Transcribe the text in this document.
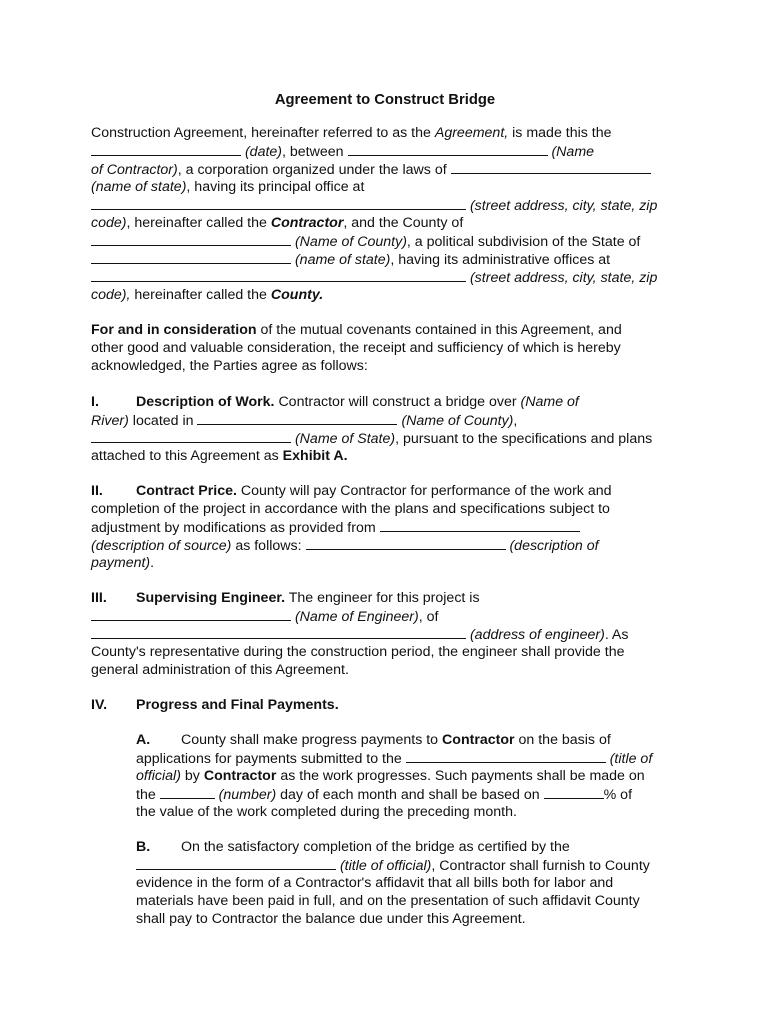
Agreement to Construct Bridge
Construction Agreement, hereinafter referred to as the Agreement, is made this the
(date), between	(Name
of Contractor), a corporation organized under the laws of
(name of state), having its principal office at
(street address, city, state, zip
code), hereinafter called the Contractor, and the County of
(Name of County), a political subdivision of the State of
(name of state), having its administrative offices at
(street address, city, state, zip
code), hereinafter called the County.
For and in consideration of the mutual covenants contained in this Agreement, and
other good and valuable consideration, the receipt and sufficiency of which is hereby
acknowledged, the Parties agree as follows:
I.	Description of Work. Contractor will construct a bridge over (Name of
River) located in	(Name of County),
(Name of State), pursuant to the specifications and plans
attached to this Agreement as Exhibit A.
II. Contract Price. County will pay Contractor for performance of the work and
completion of the project in accordance with the plans and specifications subject to
adjustment by modifications as provided from
(description of source) as follows:	(description of
payment).
III. Supervising Engineer. The engineer for this project is
(Name of Engineer), of
(address of engineer). As
County's representative during the construction period, the engineer shall provide the
general administration of this Agreement.
IV. Progress and Final Payments.
A. County shall make progress payments to Contractor on the basis of
applications for payments submitted to the	(title of
official) by Contractor as the work progresses. Such payments shall be made on
the	(number) day of each month and shall be based on	% of
the value of the work completed during the preceding month.
B. On the satisfactory completion of the bridge as certified by the
(title of official), Contractor shall furnish to County
evidence in the form of a Contractor's affidavit that all bills both for labor and
materials have been paid in full, and on the presentation of such affidavit County
shall pay to Contractor the balance due under this Agreement.
